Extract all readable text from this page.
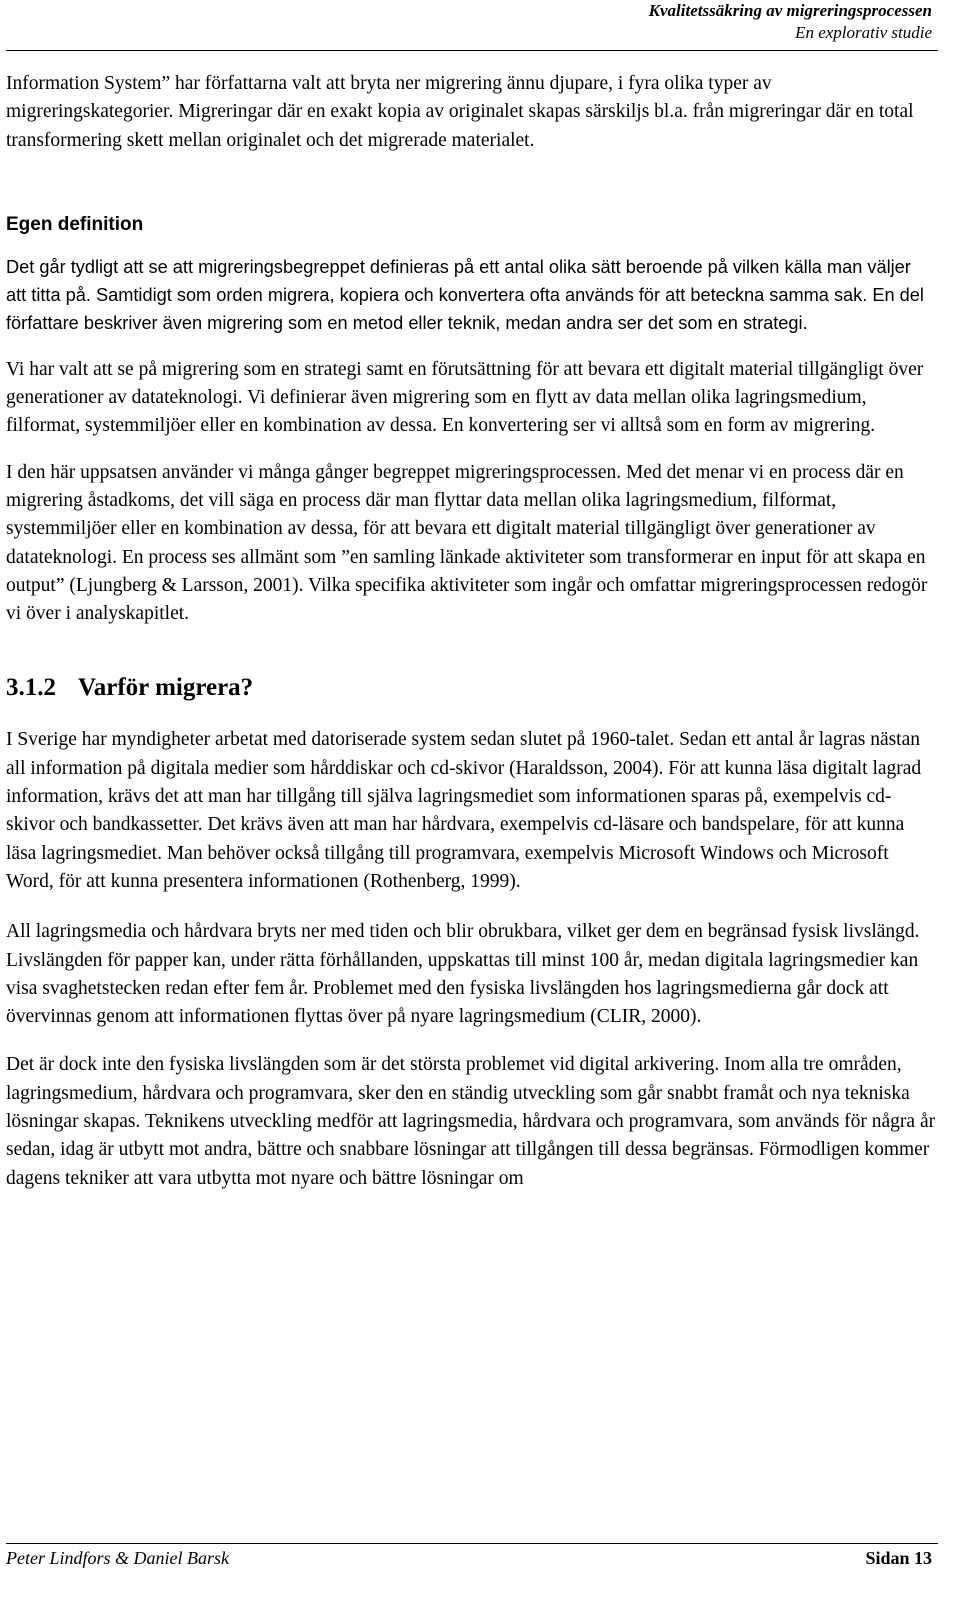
Kvalitetssäkring av migreringsprocessen
En explorativ studie

Information System” har författarna valt att bryta ner migrering ännu djupare, i fyra olika typer av migreringskategorier. Migreringar där en exakt kopia av originalet skapas särskiljs bl.a. från migreringar där en total transformering skett mellan originalet och det migrerade materialet.

Egen definition

Det går tydligt att se att migreringsbegreppet definieras på ett antal olika sätt beroende på vilken källa man väljer att titta på. Samtidigt som orden migrera, kopiera och konvertera ofta används för att beteckna samma sak. En del författare beskriver även migrering som en metod eller teknik, medan andra ser det som en strategi.

Vi har valt att se på migrering som en strategi samt en förutsättning för att bevara ett digitalt material tillgängligt över generationer av datateknologi. Vi definierar även migrering som en flytt av data mellan olika lagringsmedium, filformat, systemmiljöer eller en kombination av dessa. En konvertering ser vi alltså som en form av migrering.

I den här uppsatsen använder vi många gånger begreppet migreringsprocessen. Med det menar vi en process där en migrering åstadkoms, det vill säga en process där man flyttar data mellan olika lagringsmedium, filformat, systemmiljöer eller en kombination av dessa, för att bevara ett digitalt material tillgängligt över generationer av datateknologi. En process ses allmänt som ”en samling länkade aktiviteter som transformerar en input för att skapa en output” (Ljungberg & Larsson, 2001). Vilka specifika aktiviteter som ingår och omfattar migreringsprocessen redogör vi över i analyskapitlet.

3.1.2 Varför migrera?

I Sverige har myndigheter arbetat med datoriserade system sedan slutet på 1960-talet. Sedan ett antal år lagras nästan all information på digitala medier som hårddiskar och cd-skivor (Haraldsson, 2004). För att kunna läsa digitalt lagrad information, krävs det att man har tillgång till själva lagringsmediet som informationen sparas på, exempelvis cd-skivor och bandkassetter. Det krävs även att man har hårdvara, exempelvis cd-läsare och bandspelare, för att kunna läsa lagringsmediet. Man behöver också tillgång till programvara, exempelvis Microsoft Windows och Microsoft Word, för att kunna presentera informationen (Rothenberg, 1999).

All lagringsmedia och hårdvara bryts ner med tiden och blir obrukbara, vilket ger dem en begränsad fysisk livslängd. Livslängden för papper kan, under rätta förhållanden, uppskattas till minst 100 år, medan digitala lagringsmedier kan visa svaghetstecken redan efter fem år. Problemet med den fysiska livslängden hos lagringsmedierna går dock att övervinnas genom att informationen flyttas över på nyare lagringsmedium (CLIR, 2000).

Det är dock inte den fysiska livslängden som är det största problemet vid digital arkivering. Inom alla tre områden, lagringsmedium, hårdvara och programvara, sker den en ständig utveckling som går snabbt framåt och nya tekniska lösningar skapas. Teknikens utveckling medför att lagringsmedia, hårdvara och programvara, som används för några år sedan, idag är utbytt mot andra, bättre och snabbare lösningar att tillgången till dessa begränsas. Förmodligen kommer dagens tekniker att vara utbytta mot nyare och bättre lösningar om

Peter Lindfors & Daniel Barsk	Sidan 13
